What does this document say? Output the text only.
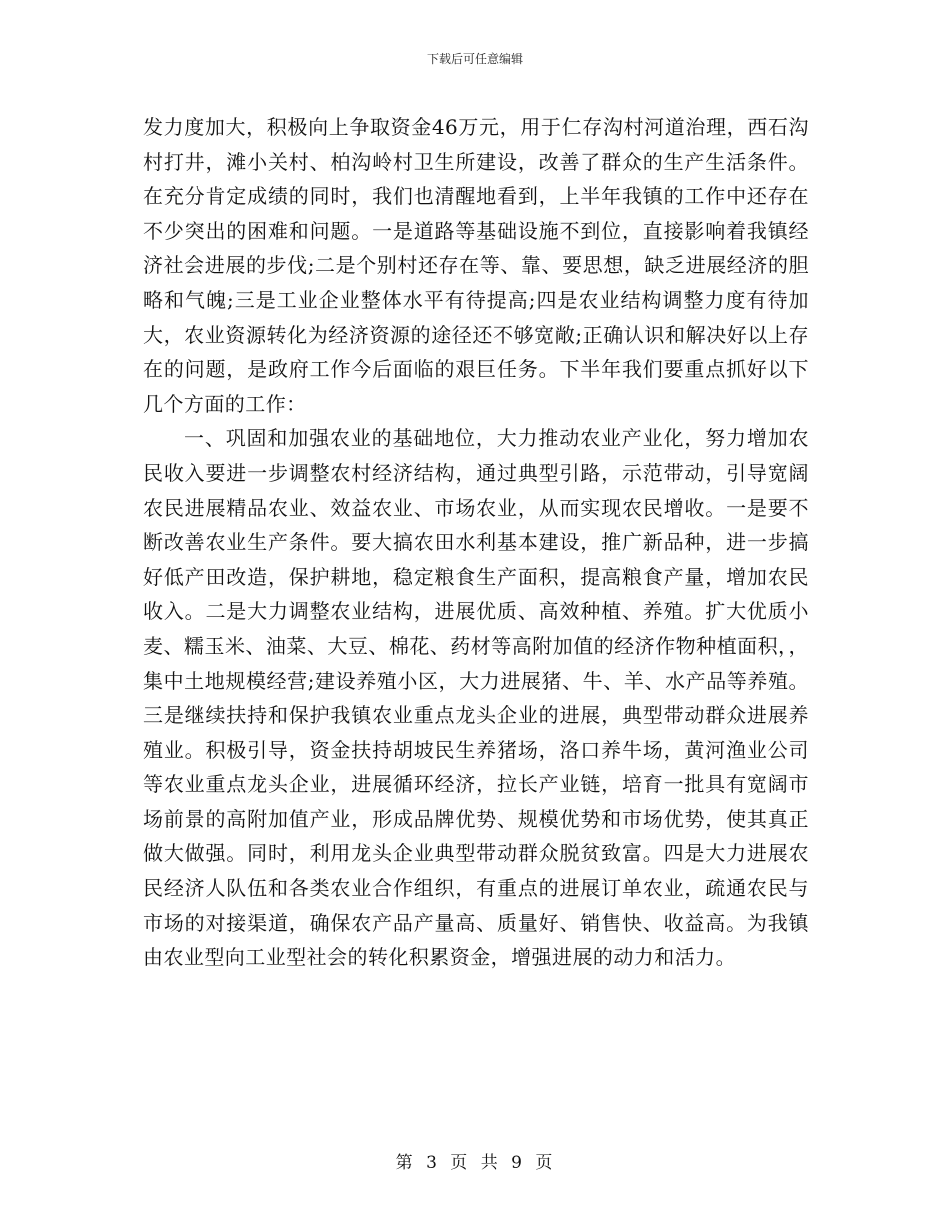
下载后可任意编辑

发力度加大，积极向上争取资金46万元，用于仁存沟村河道治理，西石沟村打井，滩小关村、柏沟岭村卫生所建设，改善了群众的生产生活条件。在充分肯定成绩的同时，我们也清醒地看到，上半年我镇的工作中还存在不少突出的困难和问题。一是道路等基础设施不到位，直接影响着我镇经济社会进展的步伐;二是个别村还存在等、靠、要思想，缺乏进展经济的胆略和气魄;三是工业企业整体水平有待提高;四是农业结构调整力度有待加大，农业资源转化为经济资源的途径还不够宽敞;正确认识和解决好以上存在的问题，是政府工作今后面临的艰巨任务。下半年我们要重点抓好以下几个方面的工作：

一、巩固和加强农业的基础地位，大力推动农业产业化，努力增加农民收入要进一步调整农村经济结构，通过典型引路，示范带动，引导宽阔农民进展精品农业、效益农业、市场农业，从而实现农民增收。一是要不断改善农业生产条件。要大搞农田水利基本建设，推广新品种，进一步搞好低产田改造，保护耕地，稳定粮食生产面积，提高粮食产量，增加农民收入。二是大力调整农业结构，进展优质、高效种植、养殖。扩大优质小麦、糯玉米、油菜、大豆、棉花、药材等高附加值的经济作物种植面积，，集中土地规模经营;建设养殖小区，大力进展猪、牛、羊、水产品等养殖。三是继续扶持和保护我镇农业重点龙头企业的进展，典型带动群众进展养殖业。积极引导，资金扶持胡坡民生养猪场，洛口养牛场，黄河渔业公司等农业重点龙头企业，进展循环经济，拉长产业链，培育一批具有宽阔市场前景的高附加值产业，形成品牌优势、规模优势和市场优势，使其真正做大做强。同时，利用龙头企业典型带动群众脱贫致富。四是大力进展农民经济人队伍和各类农业合作组织，有重点的进展订单农业，疏通农民与市场的对接渠道，确保农产品产量高、质量好、销售快、收益高。为我镇由农业型向工业型社会的转化积累资金，增强进展的动力和活力。

第 3 页 共 9 页
